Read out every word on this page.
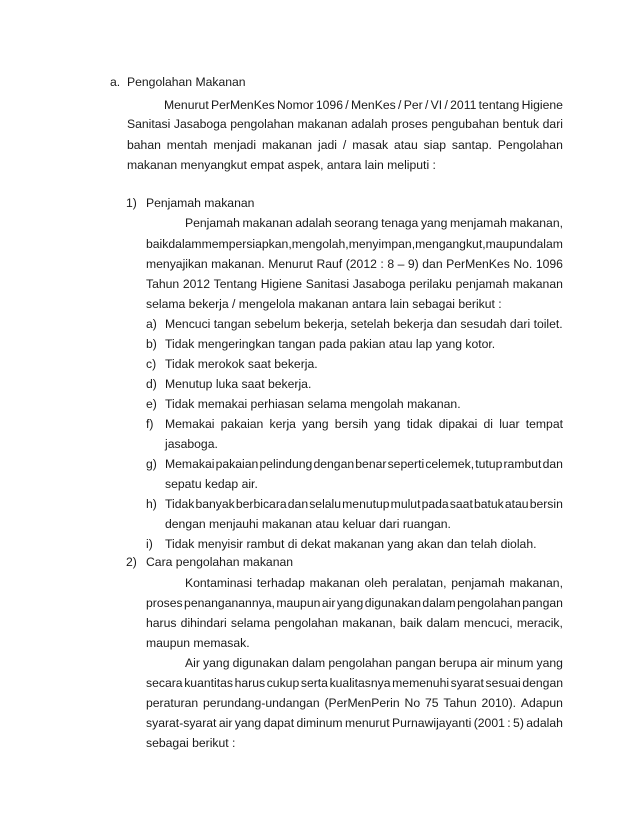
a. Pengolahan Makanan
Menurut PerMenKes Nomor 1096 / MenKes / Per / VI / 2011 tentang Higiene
Sanitasi Jasaboga pengolahan makanan adalah proses pengubahan bentuk dari
bahan mentah menjadi makanan jadi / masak atau siap santap. Pengolahan
makanan menyangkut empat aspek, antara lain meliputi :
1) Penjamah makanan
Penjamah makanan adalah seorang tenaga yang menjamah makanan,
baik dalam mempersiapkan, mengolah, menyimpan, mengangkut, maupun dalam
menyajikan makanan. Menurut Rauf (2012 : 8 – 9) dan PerMenKes No. 1096
Tahun 2012 Tentang Higiene Sanitasi Jasaboga perilaku penjamah makanan
selama bekerja / mengelola makanan antara lain sebagai berikut :
a) Mencuci tangan sebelum bekerja, setelah bekerja dan sesudah dari toilet.
b) Tidak mengeringkan tangan pada pakian atau lap yang kotor.
c) Tidak merokok saat bekerja.
d) Menutup luka saat bekerja.
e) Tidak memakai perhiasan selama mengolah makanan.
f) Memakai pakaian kerja yang bersih yang tidak dipakai di luar tempat
jasaboga.
g) Memakai pakaian pelindung dengan benar seperti celemek, tutup rambut dan
sepatu kedap air.
h) Tidak banyak berbicara dan selalu menutup mulut pada saat batuk atau bersin
dengan menjauhi makanan atau keluar dari ruangan.
i) Tidak menyisir rambut di dekat makanan yang akan dan telah diolah.
2) Cara pengolahan makanan
Kontaminasi terhadap makanan oleh peralatan, penjamah makanan,
proses penanganannya, maupun air yang digunakan dalam pengolahan pangan
harus dihindari selama pengolahan makanan, baik dalam mencuci, meracik,
maupun memasak.
Air yang digunakan dalam pengolahan pangan berupa air minum yang
secara kuantitas harus cukup serta kualitasnya memenuhi syarat sesuai dengan
peraturan perundang-undangan (PerMenPerin No 75 Tahun 2010). Adapun
syarat-syarat air yang dapat diminum menurut Purnawijayanti (2001 : 5) adalah
sebagai berikut :
